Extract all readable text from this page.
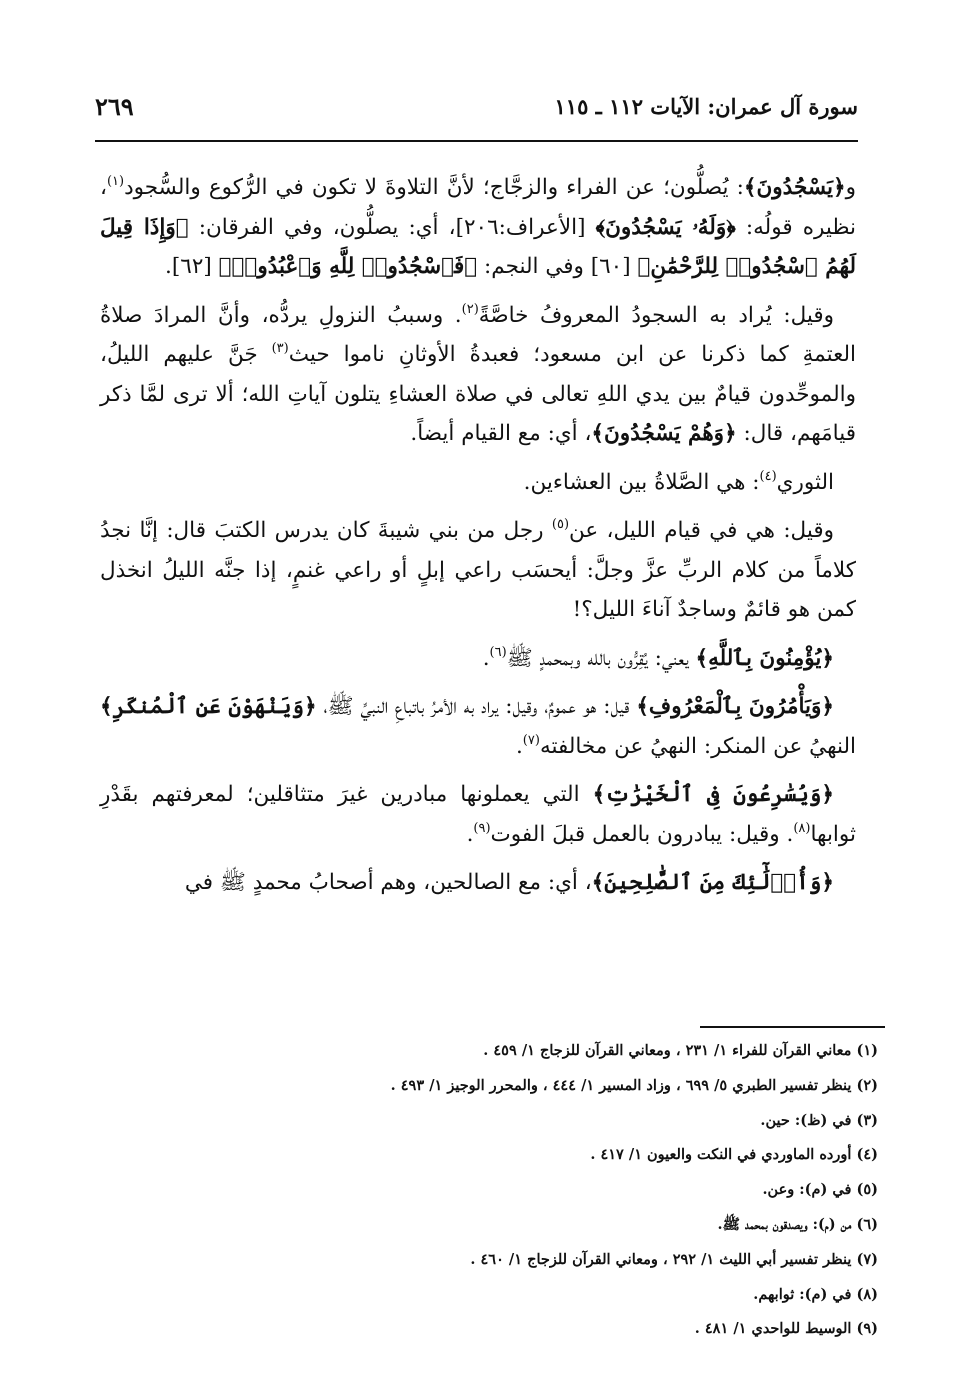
سورة آل عمران: الآيات ١١٢ ـ ١١٥
٢٦٩

و﴿يَسْجُدُونَ﴾: يُصلُّون؛ عن الفراء والزجَّاج؛ لأنَّ التلاوةَ لا تكون في الرُّكوع والسُّجود$^{(١)}$، نظيره قولُه: ﴿وَلَهُۥ يَسْجُدُونَ﴾ [الأعراف:٢٠٦]، أي: يصلُّون، وفي الفرقان: ﴿وَإِذَا قِيلَ لَهُمُ ٱسْجُدُوا۟ لِلرَّحْمَٰنِ﴾ [٦٠] وفي النجم: ﴿فَٱسْجُدُوا۟ لِلَّهِ وَٱعْبُدُوا۟﴾ [٦٢].

وقيل: يُراد به السجودُ المعروفُ خاصَّةً$^{(٢)}$. وسببُ النزولِ يردُّه، وأنَّ المرادَ صلاةُ العتمةِ كما ذكرنا عن ابن مسعود؛ فعبدةُ الأوثانِ ناموا حيث$^{(٣)}$ جَنَّ عليهم الليلُ، والموحِّدون قيامٌ بين يدي اللهِ تعالى في صلاة العشاءِ يتلون آياتِ الله؛ ألا ترى لمَّا ذكر قيامَهم، قال: ﴿وَهُمْ يَسْجُدُونَ﴾، أي: مع القيام أيضاً.

الثوري$^{(٤)}$: هي الصَّلاةُ بين العشاءين.

وقيل: هي في قيام الليل، عن$^{(٥)}$ رجل من بني شيبةَ كان يدرس الكتبَ قال: إنَّا نجدُ كلاماً من كلام الربِّ عزَّ وجلَّ: أيحسَب راعي إبلٍ أو راعي غنمٍ، إذا جنَّه الليلُ انخذل كمن هو قائمٌ وساجدٌ آناءَ الليل؟!

﴿يُؤْمِنُونَ بِٱللَّهِ﴾ يعني: يُقِرُّون بالله وبمحمدٍ ﷺ$^{(٦)}$.

﴿وَيَأْمُرُونَ بِٱلْمَعْرُوفِ﴾ قيل: هو عمومٌ، وقيل: يراد به الأمرُ باتباعِ النبيِّ ﷺ، ﴿وَيَنْهَوْنَ عَنِ ٱلْمُنكَرِ﴾ النهيُ عن المنكر: النهيُ عن مخالفته$^{(٧)}$.

﴿وَيُسَٰرِعُونَ فِى ٱلْخَيْرَٰتِ﴾ التي يعملونها مبادرين غيرَ متثاقلين؛ لمعرفتهم بقَدْرِ ثوابها$^{(٨)}$. وقيل: يبادرون بالعمل قبلَ الفوت$^{(٩)}$.

﴿وَأُو۟لَٰٓئِكَ مِنَ ٱلصَّٰلِحِينَ﴾، أي: مع الصالحين، وهم أصحابُ محمدٍ ﷺ في

(١) معاني القرآن للفراء ١/ ٢٣١ ، ومعاني القرآن للزجاج ١/ ٤٥٩ .
(٢) ينظر تفسير الطبري ٥/ ٦٩٩ ، وزاد المسير ١/ ٤٤٤ ، والمحرر الوجيز ١/ ٤٩٣ .
(٣) في (ظ): حين.
(٤) أورده الماوردي في النكت والعيون ١/ ٤١٧ .
(٥) في (م): وعن.
(٦) من (م): ويصدقون بمحمد ﷺ.
(٧) ينظر تفسير أبي الليث ١/ ٢٩٢ ، ومعاني القرآن للزجاج ١/ ٤٦٠ .
(٨) في (م): ثوابهم.
(٩) الوسيط للواحدي ١/ ٤٨١ .
